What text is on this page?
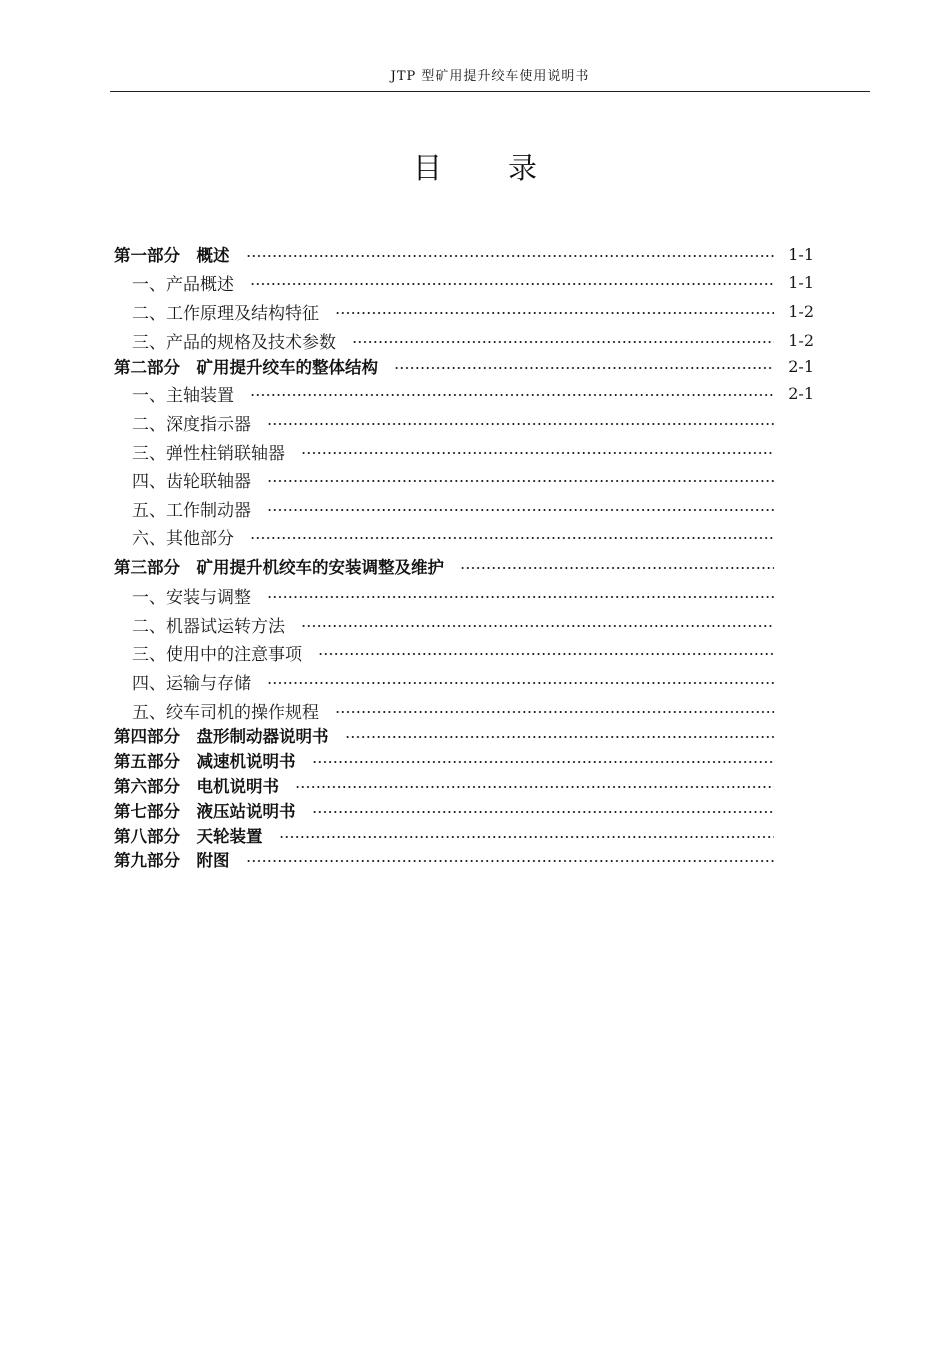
JTP 型矿用提升绞车使用说明书
目录
第一部分　概述	1-1
一、产品概述	1-1
二、工作原理及结构特征	1-2
三、产品的规格及技术参数	1-2
第二部分　矿用提升绞车的整体结构	2-1
一、主轴装置	2-1
二、深度指示器
三、弹性柱销联轴器
四、齿轮联轴器
五、工作制动器
六、其他部分
第三部分　矿用提升机绞车的安装调整及维护
一、安装与调整
二、机器试运转方法
三、使用中的注意事项
四、运输与存储
五、绞车司机的操作规程
第四部分　盘形制动器说明书
第五部分　减速机说明书
第六部分　电机说明书
第七部分　液压站说明书
第八部分　天轮装置
第九部分　附图
